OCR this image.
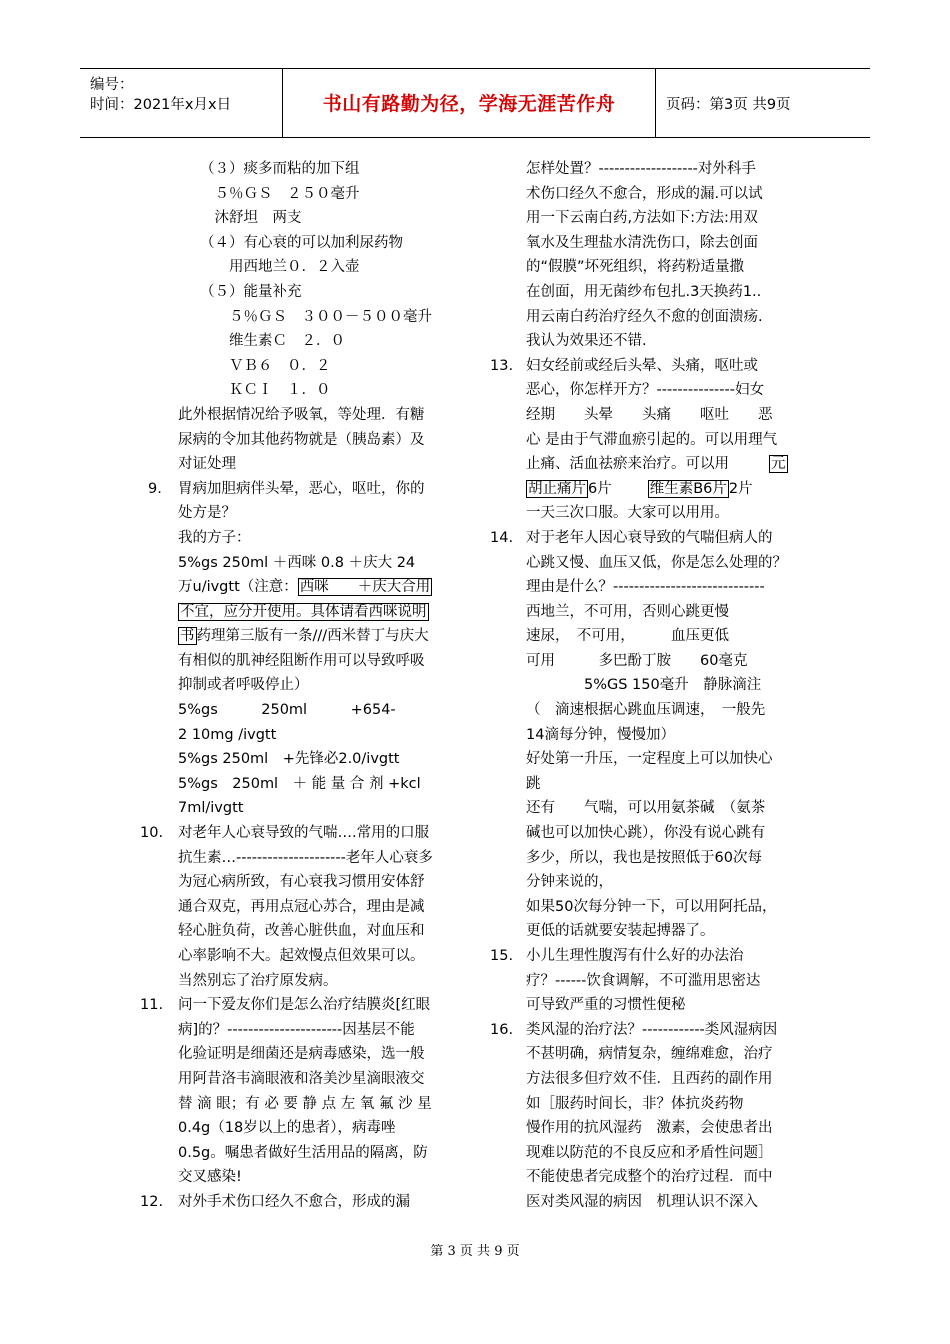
编号：
时间：2021年x月x日	书山有路勤为径，学海无涯苦作舟	页码：第3页 共9页
（３）痰多而粘的加下组
　５％ＧＳ　２５０毫升
　沐舒坦　两支
（４）有心衰的可以加利尿药物
　　用西地兰０．２入壶
（５）能量补充
　　５％ＧＳ　３００－５００毫升
　　维生素Ｃ　２．０
　　ＶＢ６　０．２
　　ＫＣＩ　１．０
此外根据情况给予吸氧，等处理．有糖
尿病的令加其他药物就是（胰岛素）及
对证处理
9. 胃病加胆病伴头晕，恶心，呕吐，你的
处方是？
我的方子：
5%gs 250ml ＋西咪 0.8 ＋庆大 24
万u/ivgtt（注意： 西咪　　＋庆大合用
不宜，应分开使用。具体请看西咪说明
书 药理第三版有一条///西米替丁与庆大
有相似的肌神经阻断作用可以导致呼吸
抑制或者呼吸停止）
5%gs　　　250ml　　　+654-
2 10mg /ivgtt
5%gs 250ml　+先锋必2.0/ivgtt
5%gs　250ml　＋ 能 量 合 剂 +kcl
7ml/ivgtt
10. 对老年人心衰导致的气喘….常用的口服
抗生素…---------------------老年人心衰多
为冠心病所致，有心衰我习惯用安体舒
通合双克，再用点冠心苏合，理由是减
轻心脏负荷，改善心脏供血，对血压和
心率影响不大。起效慢点但效果可以。
当然别忘了治疗原发病。
11. 问一下爱友你们是怎么治疗结膜炎[红眼
病]的？----------------------因基层不能
化验证明是细菌还是病毒感染，选一般
用阿昔洛韦滴眼液和洛美沙星滴眼液交
替 滴 眼；有 必 要 静 点 左 氧 氟 沙 星
0.4g（18岁以上的患者），病毒唑
0.5g。嘱患者做好生活用品的隔离，防
交叉感染!
12. 对外手术伤口经久不愈合，形成的漏
怎样处置？-------------------对外科手
术伤口经久不愈合，形成的漏.可以试
用一下云南白药,方法如下:方法:用双
氧水及生理盐水清洗伤口，除去创面
的“假膜”坏死组织，将药粉适量撒
在创面，用无菌纱布包扎.3天换药1..
用云南白药治疗经久不愈的创面溃疡.
我认为效果还不错.
13. 妇女经前或经后头晕、头痛，呕吐或
恶心，你怎样开方？---------------妇女
经期　　头晕　　头痛　　呕吐　　恶
心 是由于气滞血瘀引起的。可以用理气
止痛、活血祛瘀来治疗。可以用	元
胡止痛片 6片	维生素B6片 2片
一天三次口服。大家可以用用。
14. 对于老年人因心衰导致的气喘但病人的
心跳又慢、血压又低，你是怎么处理的？
理由是什么？-----------------------------
西地兰，不可用，否则心跳更慢
速尿，　不可用，　　　血压更低
可用　　　多巴酚丁胺　　60毫克
　　　　5%GS 150毫升　静脉滴注
（　滴速根据心跳血压调速，　一般先
14滴每分钟，慢慢加）
好处第一升压，一定程度上可以加快心
跳
还有　　气喘，可以用氨茶碱　（氨茶
碱也可以加快心跳），你没有说心跳有
多少，所以，我也是按照低于60次每
分钟来说的，
如果50次每分钟一下，可以用阿托品，
更低的话就要安装起搏器了。
15. 小儿生理性腹泻有什么好的办法治
疗？------饮食调解，不可滥用思密达
可导致严重的习惯性便秘
16. 类风湿的治疗法？------------类风湿病因
不甚明确，病情复杂，缠绵难愈，治疗
方法很多但疗效不佳．且西药的副作用
如［服药时间长，非？体抗炎药物
慢作用的抗风湿药　激素，会使患者出
现难以防范的不良反应和矛盾性问题］
不能使患者完成整个的治疗过程．而中
医对类风湿的病因　机理认识不深入
第 3 页 共 9 页
